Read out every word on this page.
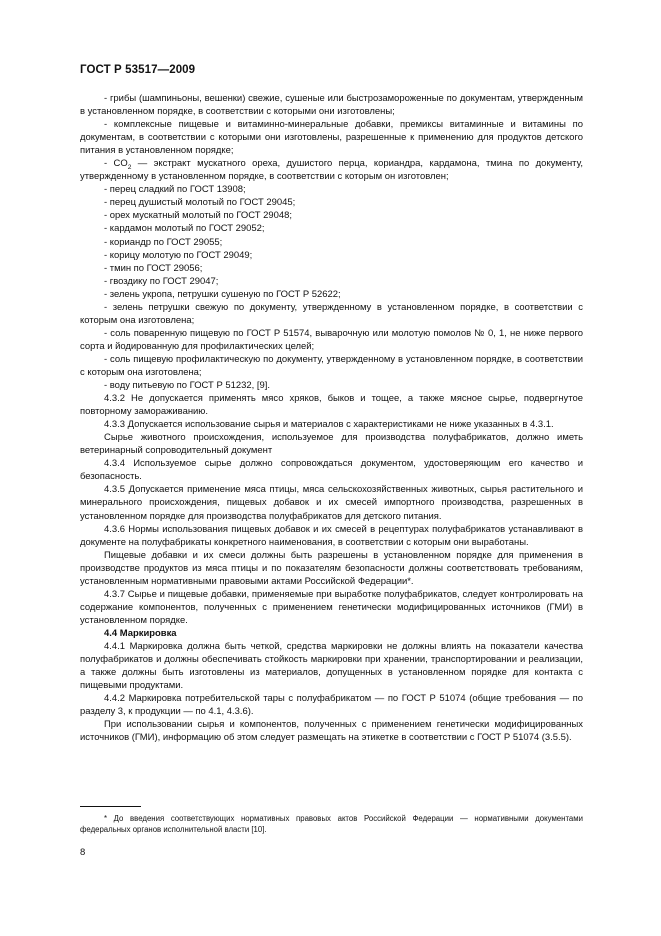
ГОСТ Р 53517—2009

- грибы (шампиньоны, вешенки) свежие, сушеные или быстрозамороженные по документам, утвержденным в установленном порядке, в соответствии с которыми они изготовлены;

- комплексные пищевые и витаминно-минеральные добавки, премиксы витаминные и витамины по документам, в соответствии с которыми они изготовлены, разрешенные к применению для продуктов детского питания в установленном порядке;

- $CO_2$ — экстракт мускатного ореха, душистого перца, кориандра, кардамона, тмина по документу, утвержденному в установленном порядке, в соответствии с которым он изготовлен;

- перец сладкий по ГОСТ 13908;

- перец душистый молотый по ГОСТ 29045;

- орех мускатный молотый по ГОСТ 29048;

- кардамон молотый по ГОСТ 29052;

- кориандр по ГОСТ 29055;

- корицу молотую по ГОСТ 29049;

- тмин по ГОСТ 29056;

- гвоздику по ГОСТ 29047;

- зелень укропа, петрушки сушеную по ГОСТ Р 52622;

- зелень петрушки свежую по документу, утвержденному в установленном порядке, в соответствии с которым она изготовлена;

- соль поваренную пищевую по ГОСТ Р 51574, выварочную или молотую помолов № 0, 1, не ниже первого сорта и йодированную для профилактических целей;

- соль пищевую профилактическую по документу, утвержденному в установленном порядке, в соответствии с которым она изготовлена;

- воду питьевую по ГОСТ Р 51232, [9].

4.3.2 Не допускается применять мясо хряков, быков и тощее, а также мясное сырье, подвергнутое повторному замораживанию.

4.3.3 Допускается использование сырья и материалов с характеристиками не ниже указанных в 4.3.1.

Сырье животного происхождения, используемое для производства полуфабрикатов, должно иметь ветеринарный сопроводительный документ

4.3.4 Используемое сырье должно сопровождаться документом, удостоверяющим его качество и безопасность.

4.3.5 Допускается применение мяса птицы, мяса сельскохозяйственных животных, сырья растительного и минерального происхождения, пищевых добавок и их смесей импортного производства, разрешенных в установленном порядке для производства полуфабрикатов для детского питания.

4.3.6 Нормы использования пищевых добавок и их смесей в рецептурах полуфабрикатов устанавливают в документе на полуфабрикаты конкретного наименования, в соответствии с которым они выработаны.

Пищевые добавки и их смеси должны быть разрешены в установленном порядке для применения в производстве продуктов из мяса птицы и по показателям безопасности должны соответствовать требованиям, установленным нормативными правовыми актами Российской Федерации*.

4.3.7 Сырье и пищевые добавки, применяемые при выработке полуфабрикатов, следует контролировать на содержание компонентов, полученных с применением генетически модифицированных источников (ГМИ) в установленном порядке.

4.4 Маркировка

4.4.1 Маркировка должна быть четкой, средства маркировки не должны влиять на показатели качества полуфабрикатов и должны обеспечивать стойкость маркировки при хранении, транспортировании и реализации, а также должны быть изготовлены из материалов, допущенных в установленном порядке для контакта с пищевыми продуктами.

4.4.2 Маркировка потребительской тары с полуфабрикатом — по ГОСТ Р 51074 (общие требования — по разделу 3, к продукции — по 4.1, 4.3.6).

При использовании сырья и компонентов, полученных с применением генетически модифицированных источников (ГМИ), информацию об этом следует размещать на этикетке в соответствии с ГОСТ Р 51074 (3.5.5).

* До введения соответствующих нормативных правовых актов Российской Федерации — нормативными документами федеральных органов исполнительной власти [10].

8
